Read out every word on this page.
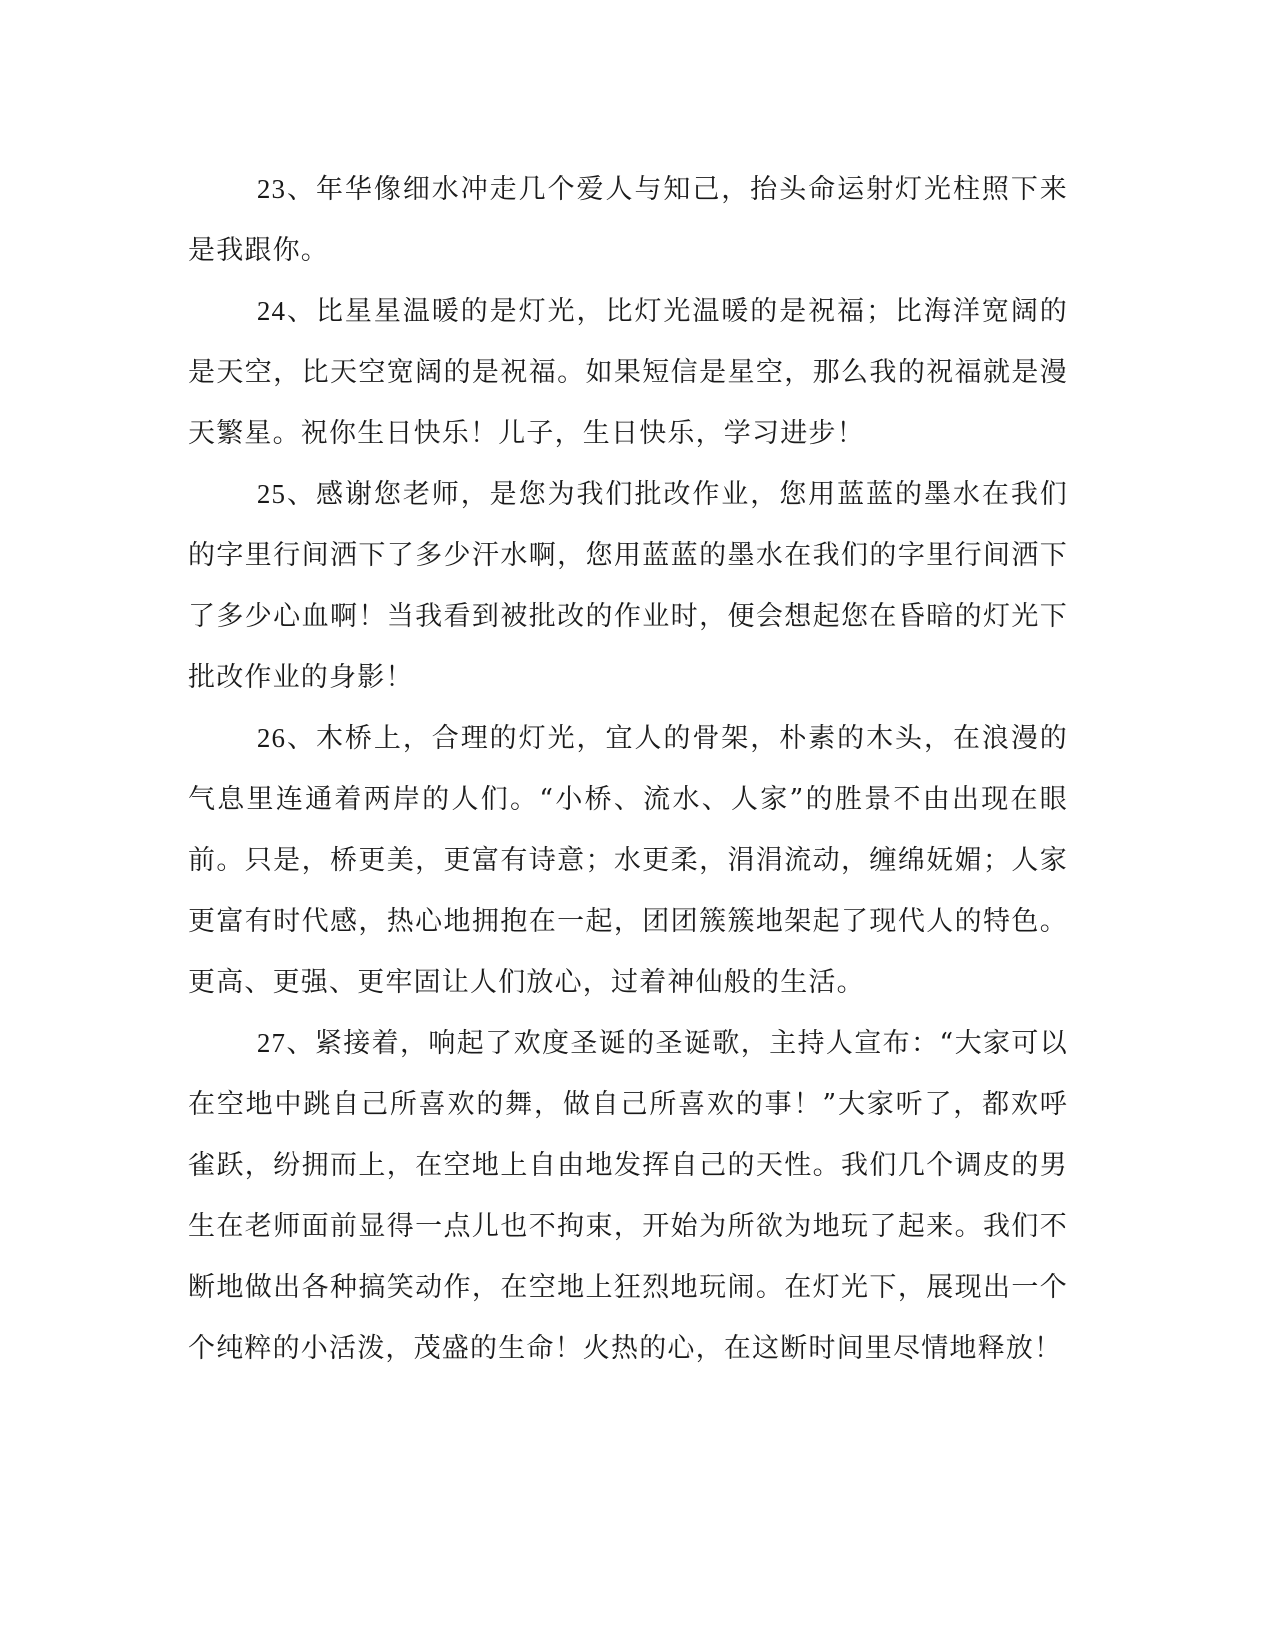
23、年华像细水冲走几个爱人与知己，抬头命运射灯光柱照下来是我跟你。

24、比星星温暖的是灯光，比灯光温暖的是祝福；比海洋宽阔的是天空，比天空宽阔的是祝福。如果短信是星空，那么我的祝福就是漫天繁星。祝你生日快乐！儿子，生日快乐，学习进步！

25、感谢您老师，是您为我们批改作业，您用蓝蓝的墨水在我们的字里行间洒下了多少汗水啊，您用蓝蓝的墨水在我们的字里行间洒下了多少心血啊！当我看到被批改的作业时，便会想起您在昏暗的灯光下批改作业的身影！

26、木桥上，合理的灯光，宜人的骨架，朴素的木头，在浪漫的气息里连通着两岸的人们。“小桥、流水、人家”的胜景不由出现在眼前。只是，桥更美，更富有诗意；水更柔，涓涓流动，缠绵妩媚；人家更富有时代感，热心地拥抱在一起，团团簇簇地架起了现代人的特色。更高、更强、更牢固让人们放心，过着神仙般的生活。

27、紧接着，响起了欢度圣诞的圣诞歌，主持人宣布：“大家可以在空地中跳自己所喜欢的舞，做自己所喜欢的事！”大家听了，都欢呼雀跃，纷拥而上，在空地上自由地发挥自己的天性。我们几个调皮的男生在老师面前显得一点儿也不拘束，开始为所欲为地玩了起来。我们不断地做出各种搞笑动作，在空地上狂烈地玩闹。在灯光下，展现出一个个纯粹的小活泼，茂盛的生命！火热的心，在这断时间里尽情地释放！
